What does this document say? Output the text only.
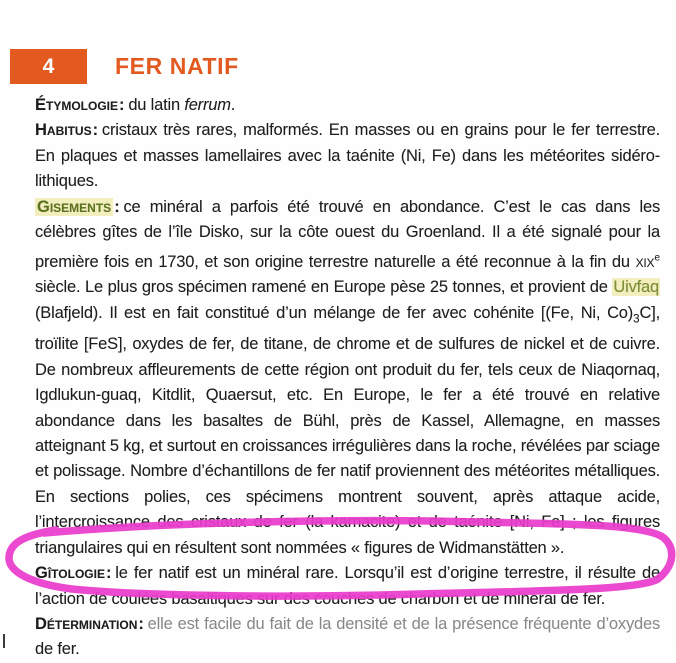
4	FER NATIF

Étymologie: du latin ferrum.

Habitus: cristaux très rares, malformés. En masses ou en grains pour le fer terrestre. En plaques et masses lamellaires avec la taénite (Ni, Fe) dans les météorites sidéro-lithiques.

Gisements : ce minéral a parfois été trouvé en abondance. C’est le cas dans les célèbres gîtes de l’île Disko, sur la côte ouest du Groenland. Il a été signalé pour la première fois en 1730, et son origine terrestre naturelle a été reconnue à la fin du xix$^e$ siècle. Le plus gros spécimen ramené en Europe pèse 25 tonnes, et provient de Uivfaq (Blafjeld). Il est en fait constitué d’un mélange de fer avec cohénite [(Fe, Ni, $Co)_3C$], troïlite [FeS], oxydes de fer, de titane, de chrome et de sulfures de nickel et de cuivre. De nombreux affleurements de cette région ont produit du fer, tels ceux de Niaqornaq, Igdlukun-guaq, Kitdlit, Quaersut, etc. En Europe, le fer a été trouvé en relative abondance dans les basaltes de Bühl, près de Kassel, Allemagne, en masses atteignant 5 kg, et surtout en croissances irrégulières dans la roche, révélées par sciage et polissage. Nombre d’échantillons de fer natif proviennent des météorites métalliques. En sections polies, ces spécimens montrent souvent, après attaque acide, l’intercroissance des cristaux de fer (la kamacite) et de taénite [Ni, Fe] ; les figures triangulaires qui en résultent sont nommées « figures de Widmanstätten ».

Gîtologie: le fer natif est un minéral rare. Lorsqu’il est d’origine terrestre, il résulte de l’action de coulées basaltiques sur des couches de charbon et de minerai de fer.

Détermination: elle est facile du fait de la densité et de la présence fréquente d’oxydes de fer.
